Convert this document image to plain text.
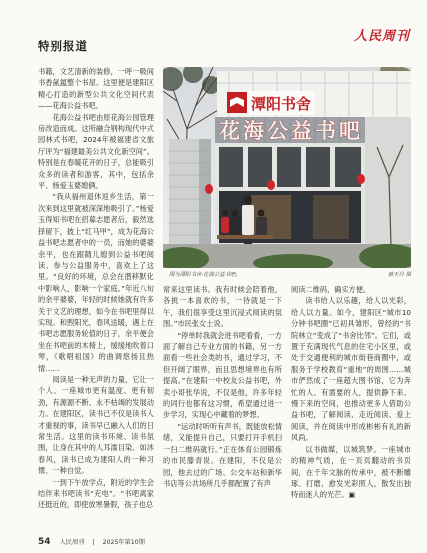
特别报道
人民周刊

书籍，文艺清新的装修，一呼一吸间书香氤氲整个书屋。这里便是建阳区精心打造的新型公共文化空间代表——花海公益书吧。

花海公益书吧由原花海公园管理房改造而成。这所融合钢构现代中式园林式书吧，2024年被福建省文旅厅评为“福建最美公共文化新空间”。特别是在春暖花开的日子，总能吸引众多的读者和游客，其中，包括余平、杨爱玉婆媳俩。

“我从福州退休返乡生活，第一次来到这里就被深深地吸引了。”杨爱玉得知书吧在招募志愿者后，毅然选择留下，披上“红马甲”，成为花海公益书吧志愿者中的一员，而她的婆婆余平，也在跟随儿媳到公益书吧阅读、参与公益服务中，喜欢上了这里。“良好的环境，总会在潜移默化中影响人，影响一个家庭。”年近八旬的余平婆婆，年轻的时候她就有许多关于文艺的理想，如今在书吧里得以实现。和煦阳光，春风送暖，遇上在书吧志愿服务轮值的日子，余平便会坐在书吧前的木椅上，缓缓地吹着口琴，《歌唱祖国》的曲调悠扬且热情……

阅读是一种无声的力量，它让一个人、一座城市更有温度、更有韧劲，有源源不断、永不枯竭的发展动力。在建阳区，读书已不仅是读书人才重视的事，读书早已融入人们的日常生活。这里的读书环境、读书氛围，让身在其中的人耳濡目染、如沐春风，读书已成为建阳人的一种习惯、一种自觉。

一到下午放学点，附近的学生会结伴来书吧读书“充电”。“书吧离家还挺近的，即使放寒暑假，孩子也总

潭阳书舍
花海公益书吧
图为潭阳书舍·花海公益书吧。	蔡天丹 摄

常来这里读书。我有时候会陪着他，各挑一本喜欢的书，一待就是一下午，我们很享受这里沉浸式阅读的氛围。”市民张女士说。

“停单时我就会进书吧看看，一方面了解自己专业方面的书籍，另一方面看一些社会类的书，通过学习，不但开阔了眼界，而且思想境界也有所提高。”在建阳一中校友公益书吧，外卖小哥张华说，不仅是他，许多年轻的同行也都有这习惯，希望通过进一步学习，实现心中藏着的梦想。

“运动时听听有声书，既能放松情绪，又能提升自己，只要打开手机扫一扫二维码就行。”正在体育公园锻炼的市民滕青说。在建阳，不仅是公园，他去过的广场、公交车站和新华书店等公共场所几乎都配置了有声

阅读二维码，确实方便。

读书给人以乐趣，给人以光彩，给人以力量。如今，建阳区“城市10分钟书吧圈”已初具雏形，曾经的“书院林立”变成了“书舍比邻”。它们，或置于充满现代气息的住宅小区里，或处于交通便利的城市街巷商圈中，或服务于学校教育“重地”的周围……城市俨然成了一座超大图书馆，它为奔忙的人、有需要的人，提供静下来、慢下来的空间，也推动更多人借助公益书吧，了解阅读、走近阅读、爱上阅读，并在阅读中形成彬彬有礼的新风尚。

以书做媒，以城筑梦。一座城市的精神气质，在一页页翻动的书页间，在千年文脉的传承中，被不断雕琢、打磨，愈发光彩照人，散发出独特而迷人的光芒。▣

54 人民周刊 | 2025年第10期
